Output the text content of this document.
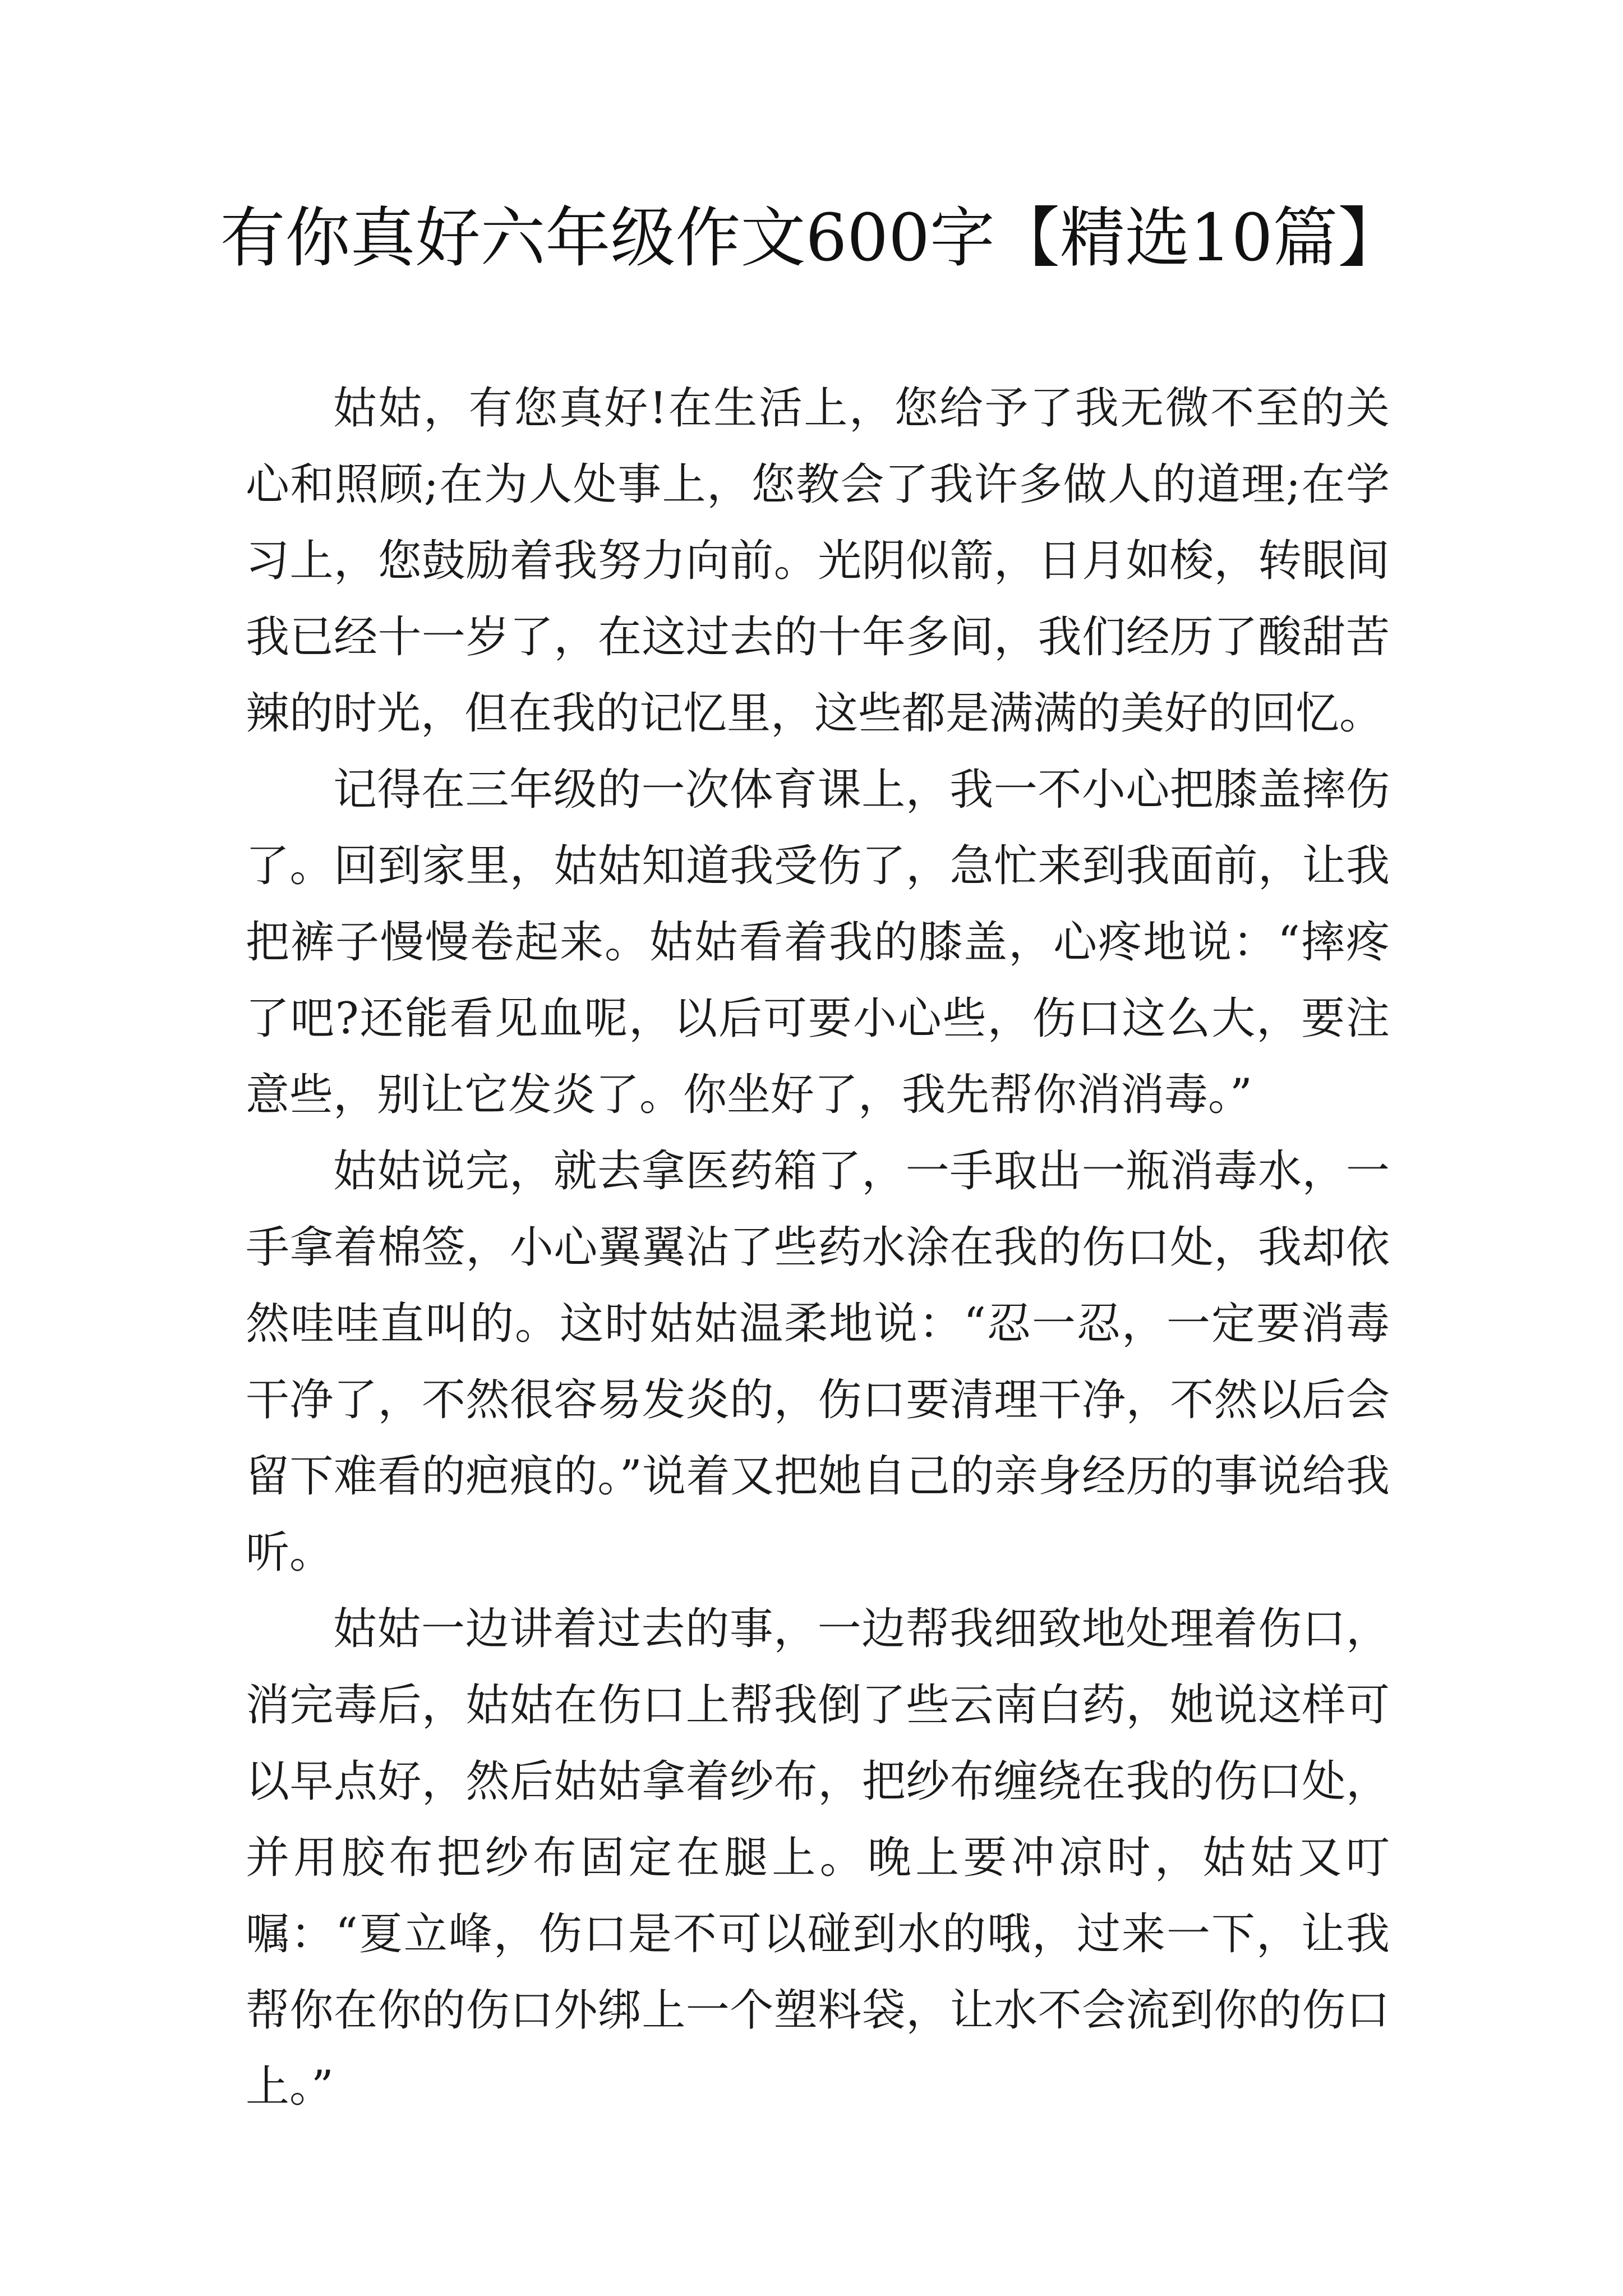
有你真好六年级作文600字【精选10篇】

姑姑，有您真好!在生活上，您给予了我无微不至的关心和照顾;在为人处事上，您教会了我许多做人的道理;在学习上，您鼓励着我努力向前。光阴似箭，日月如梭，转眼间我已经十一岁了，在这过去的十年多间，我们经历了酸甜苦辣的时光，但在我的记忆里，这些都是满满的美好的回忆。

记得在三年级的一次体育课上，我一不小心把膝盖摔伤了。回到家里，姑姑知道我受伤了，急忙来到我面前，让我把裤子慢慢卷起来。姑姑看着我的膝盖，心疼地说：“摔疼了吧?还能看见血呢，以后可要小心些，伤口这么大，要注意些，别让它发炎了。你坐好了，我先帮你消消毒。”

姑姑说完，就去拿医药箱了，一手取出一瓶消毒水，一手拿着棉签，小心翼翼沾了些药水涂在我的伤口处，我却依然哇哇直叫的。这时姑姑温柔地说：“忍一忍，一定要消毒干净了，不然很容易发炎的，伤口要清理干净，不然以后会留下难看的疤痕的。”说着又把她自己的亲身经历的事说给我听。

姑姑一边讲着过去的事，一边帮我细致地处理着伤口，消完毒后，姑姑在伤口上帮我倒了些云南白药，她说这样可以早点好，然后姑姑拿着纱布，把纱布缠绕在我的伤口处，并用胶布把纱布固定在腿上。晚上要冲凉时，姑姑又叮嘱：“夏立峰，伤口是不可以碰到水的哦，过来一下，让我帮你在你的伤口外绑上一个塑料袋，让水不会流到你的伤口上。”
